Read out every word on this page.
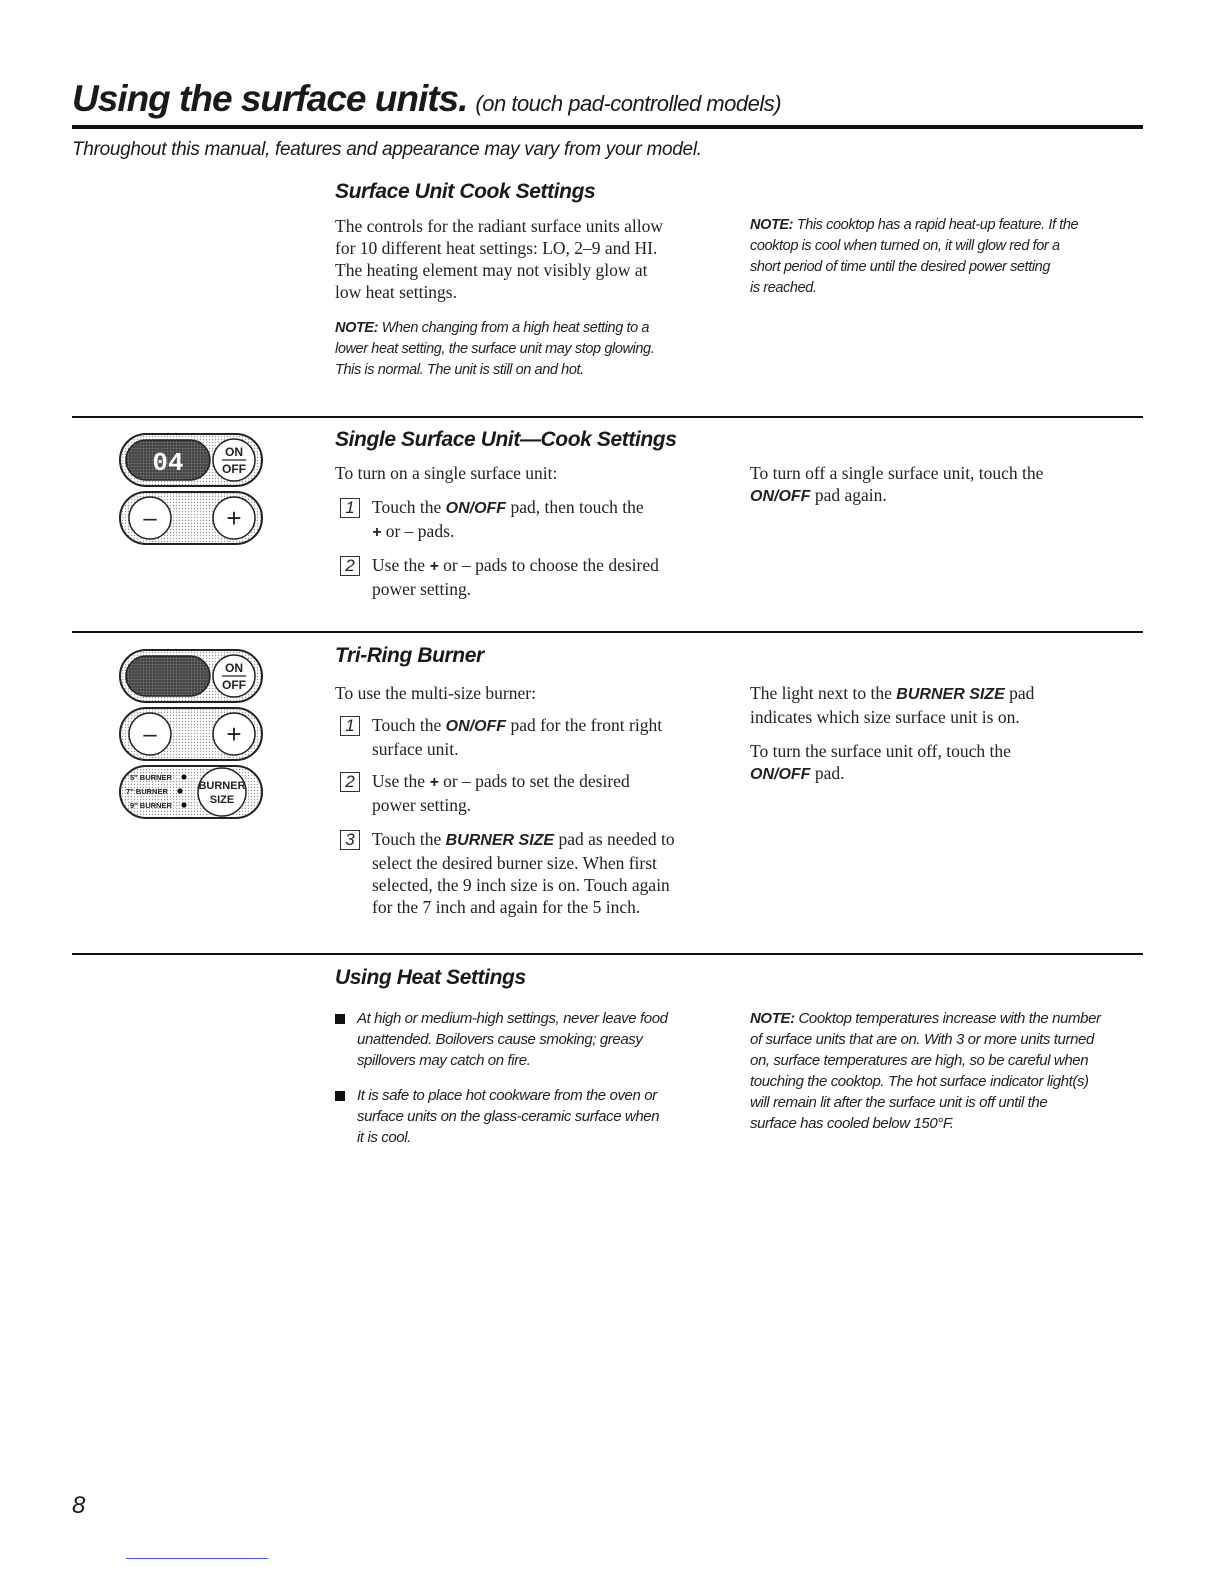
Using the surface units. (on touch pad-controlled models)
Throughout this manual, features and appearance may vary from your model.
Surface Unit Cook Settings
The controls for the radiant surface units allow
for 10 different heat settings: LO, 2–9 and HI.
The heating element may not visibly glow at
low heat settings.
NOTE: When changing from a high heat setting to a
lower heat setting, the surface unit may stop glowing.
This is normal. The unit is still on and hot.
NOTE: This cooktop has a rapid heat-up feature. If the
cooktop is cool when turned on, it will glow red for a
short period of time until the desired power setting
is reached.
04	ON
OFF
–	+
Single Surface Unit—Cook Settings
To turn on a single surface unit:
1 Touch the ON/OFF pad, then touch the
+ or – pads.
2 Use the + or – pads to choose the desired
power setting.
To turn off a single surface unit, touch the
ON/OFF pad again.
ON
OFF
–	+
5" BURNER
7" BURNER
9" BURNER
BURNER
SIZE
Tri-Ring Burner
To use the multi-size burner:
1 Touch the ON/OFF pad for the front right
surface unit.
2 Use the + or – pads to set the desired
power setting.
3 Touch the BURNER SIZE pad as needed to
select the desired burner size. When first
selected, the 9 inch size is on. Touch again
for the 7 inch and again for the 5 inch.
The light next to the BURNER SIZE pad
indicates which size surface unit is on.
To turn the surface unit off, touch the
ON/OFF pad.
Using Heat Settings
At high or medium-high settings, never leave food
unattended. Boilovers cause smoking; greasy
spillovers may catch on fire.
It is safe to place hot cookware from the oven or
surface units on the glass-ceramic surface when
it is cool.
NOTE: Cooktop temperatures increase with the number
of surface units that are on. With 3 or more units turned
on, surface temperatures are high, so be careful when
touching the cooktop. The hot surface indicator light(s)
will remain lit after the surface unit is off until the
surface has cooled below 150°F.
8
